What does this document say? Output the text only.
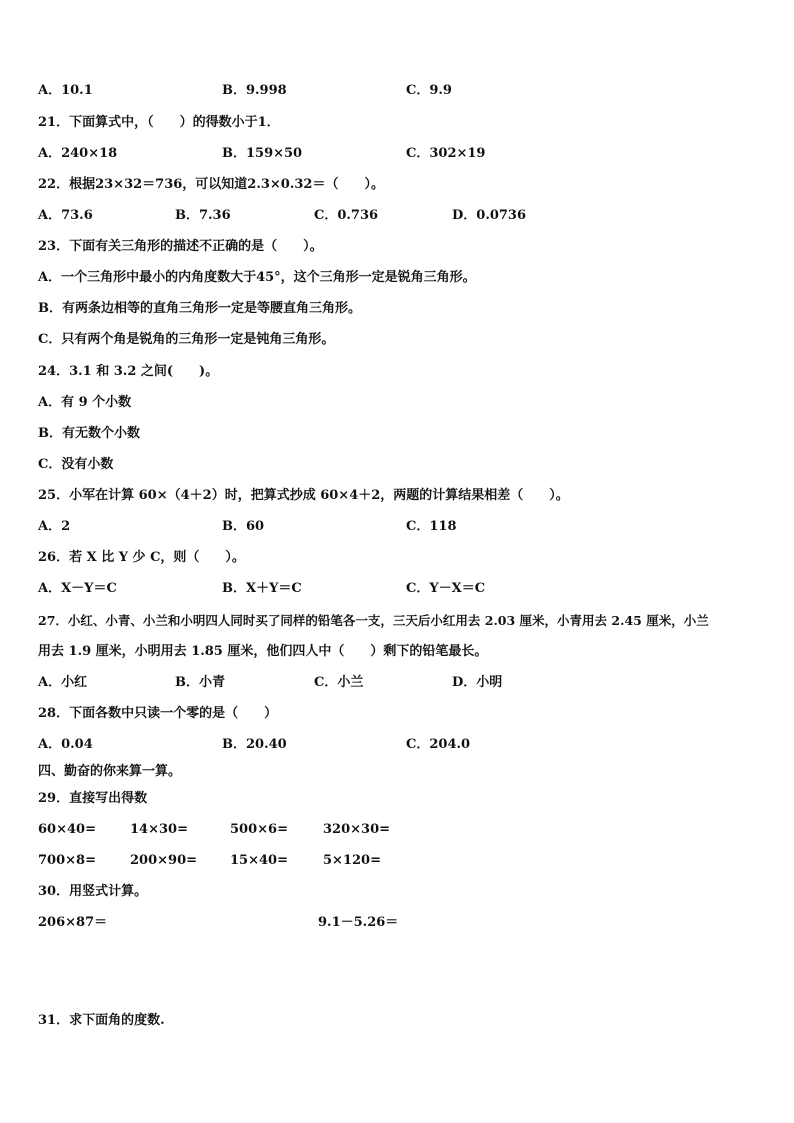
A．10.1	B．9.998	C．9.9
21．下面算式中，（　　）的得数小于1．
A．240×18	B．159×50	C．302×19
22．根据23×32＝736，可以知道2.3×0.32＝（　　）。
A．73.6	B．7.36	C．0.736	D．0.0736
23．下面有关三角形的描述不正确的是（　　）。
A．一个三角形中最小的内角度数大于45°，这个三角形一定是锐角三角形。
B．有两条边相等的直角三角形一定是等腰直角三角形。
C．只有两个角是锐角的三角形一定是钝角三角形。
24．3.1 和 3.2 之间(　　)。
A．有 9 个小数
B．有无数个小数
C．没有小数
25．小军在计算 60×（4＋2）时，把算式抄成 60×4＋2，两题的计算结果相差（　　）。
A．2	B．60	C．118
26．若 X 比 Y 少 C，则（　　）。
A．X－Y＝C	B．X＋Y＝C	C．Y－X＝C
27．小红、小青、小兰和小明四人同时买了同样的铅笔各一支，三天后小红用去 2.03 厘米，小青用去 2.45 厘米，小兰
用去 1.9 厘米，小明用去 1.85 厘米，他们四人中（　　）剩下的铅笔最长。
A．小红	B．小青	C．小兰	D．小明
28．下面各数中只读一个零的是（　　）
A．0.04	B．20.40	C．204.0
四、勤奋的你来算一算。
29．直接写出得数
60×40=	14×30=	500×6=	320×30=
700×8=	200×90=	15×40=	5×120=
30．用竖式计算。
206×87＝	9.1－5.26＝
31．求下面角的度数.
